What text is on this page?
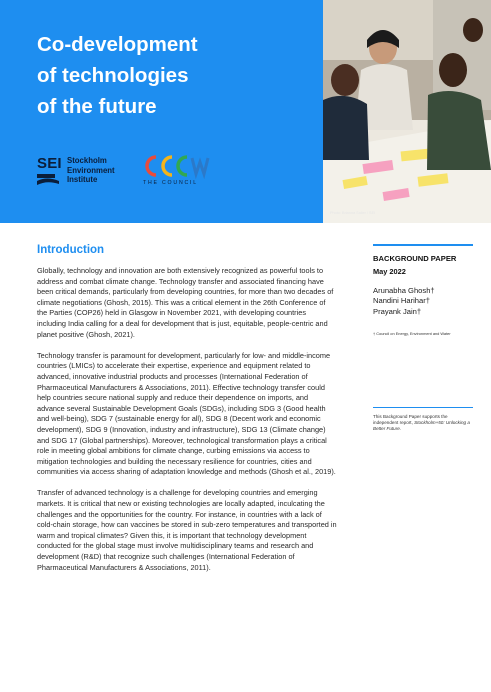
Co-development
of technologies
of the future
SEI Stockholm
Environment
Institute	THE COUNCIL
Photo: Brianna Sailer / SEI
Introduction

Globally, technology and innovation are both extensively recognized as powerful tools to address and combat climate change. Technology transfer and associated financing have been critical demands, particularly from developing countries, for more than two decades of climate negotiations (Ghosh, 2015). This was a critical element in the 26th Conference of the Parties (COP26) held in Glasgow in November 2021, with developing countries including India calling for a deal for development that is just, equitable, people-centric and planet positive (Ghosh, 2021).

Technology transfer is paramount for development, particularly for low- and middle-income countries (LMICs) to accelerate their expertise, experience and equipment related to advanced, innovative industrial products and processes (International Federation of Pharmaceutical Manufacturers & Associations, 2011). Effective technology transfer could help countries secure national supply and reduce their dependence on imports, and advance several Sustainable Development Goals (SDGs), including SDG 3 (Good health and well-being), SDG 7 (sustainable energy for all), SDG 8 (Decent work and economic development), SDG 9 (Innovation, industry and infrastructure), SDG 13 (Climate change) and SDG 17 (Global partnerships). Moreover, technological transformation plays a critical role in meeting global ambitions for climate change, curbing emissions via access to mitigation technologies and building the necessary resilience for countries, cities and communities via access sharing of adaptation knowledge and methods (Ghosh et al., 2019).

Transfer of advanced technology is a challenge for developing countries and emerging markets. It is critical that new or existing technologies are locally adapted, inculcating the challenges and the opportunities for the country. For instance, in countries with a lack of cold-chain storage, how can vaccines be stored in sub-zero temperatures and transported in warm and tropical climates? Given this, it is important that technology development conducted for the global stage must involve multidisciplinary teams and research and development (R&D) that recognize such challenges (International Federation of Pharmaceutical Manufacturers & Associations, 2011).

BACKGROUND PAPER
May 2022
Arunabha Ghosh†
Nandini Harihar†
Prayank Jain†
† Council on Energy, Environment and Water
This Background Paper supports the independent report, Stockholm+50: Unlocking a Better Future.
